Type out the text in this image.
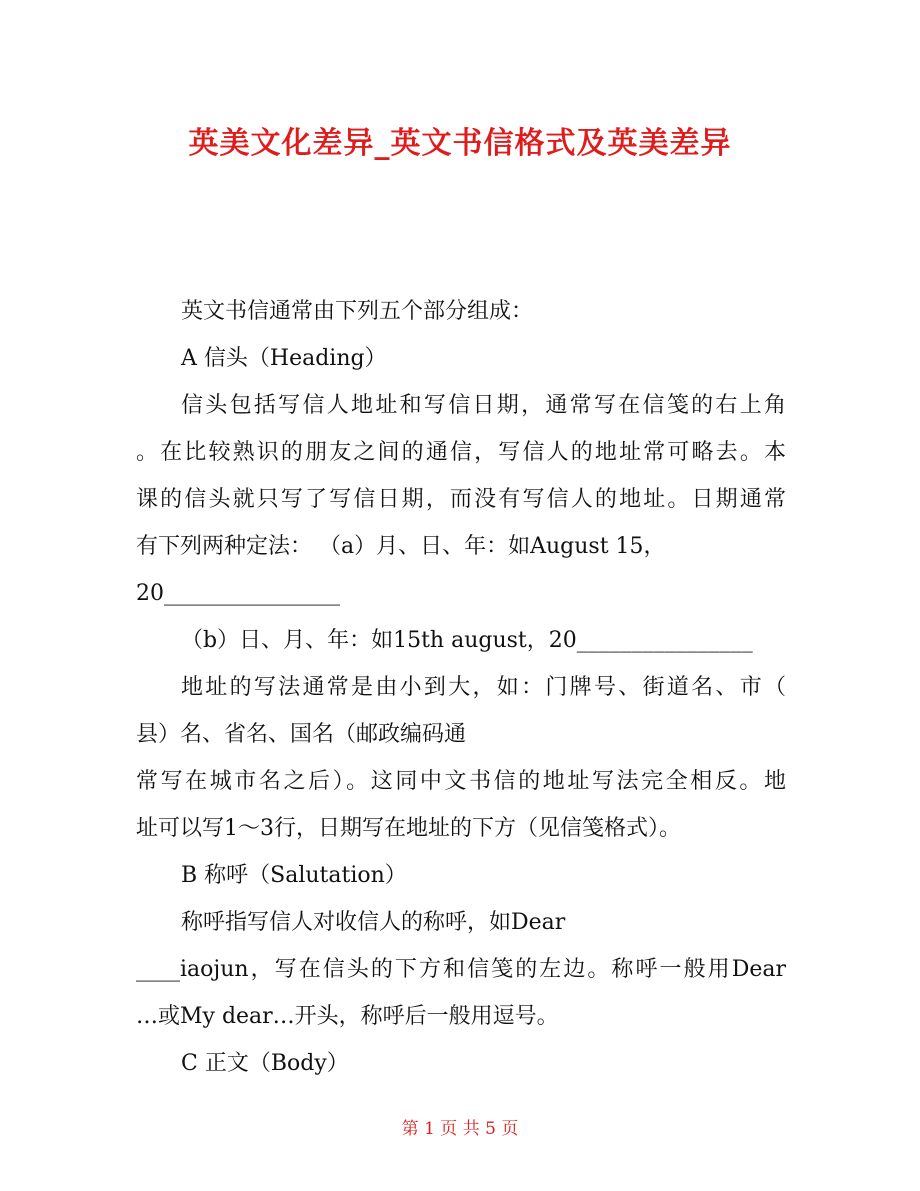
英美文化差异_英文书信格式及英美差异
英文书信通常由下列五个部分组成：
A 信头（Heading）
信头包括写信人地址和写信日期，通常写在信笺的右上角
。在比较熟识的朋友之间的通信，写信人的地址常可略去。本
课的信头就只写了写信日期，而没有写信人的地址。日期通常
有下列两种定法： （a）月、日、年：如August 15，
20________________
（b）日、月、年：如15th august，20________________
地址的写法通常是由小到大，如：门牌号、街道名、市（
县）名、省名、国名（邮政编码通
常写在城市名之后）。这同中文书信的地址写法完全相反。地
址可以写1～3行，日期写在地址的下方（见信笺格式）。
B 称呼（Salutation）
称呼指写信人对收信人的称呼，如Dear
____iaojun，写在信头的下方和信笺的左边。称呼一般用Dear
…或My dear…开头，称呼后一般用逗号。
C 正文（Body）
第 1 页 共 5 页
